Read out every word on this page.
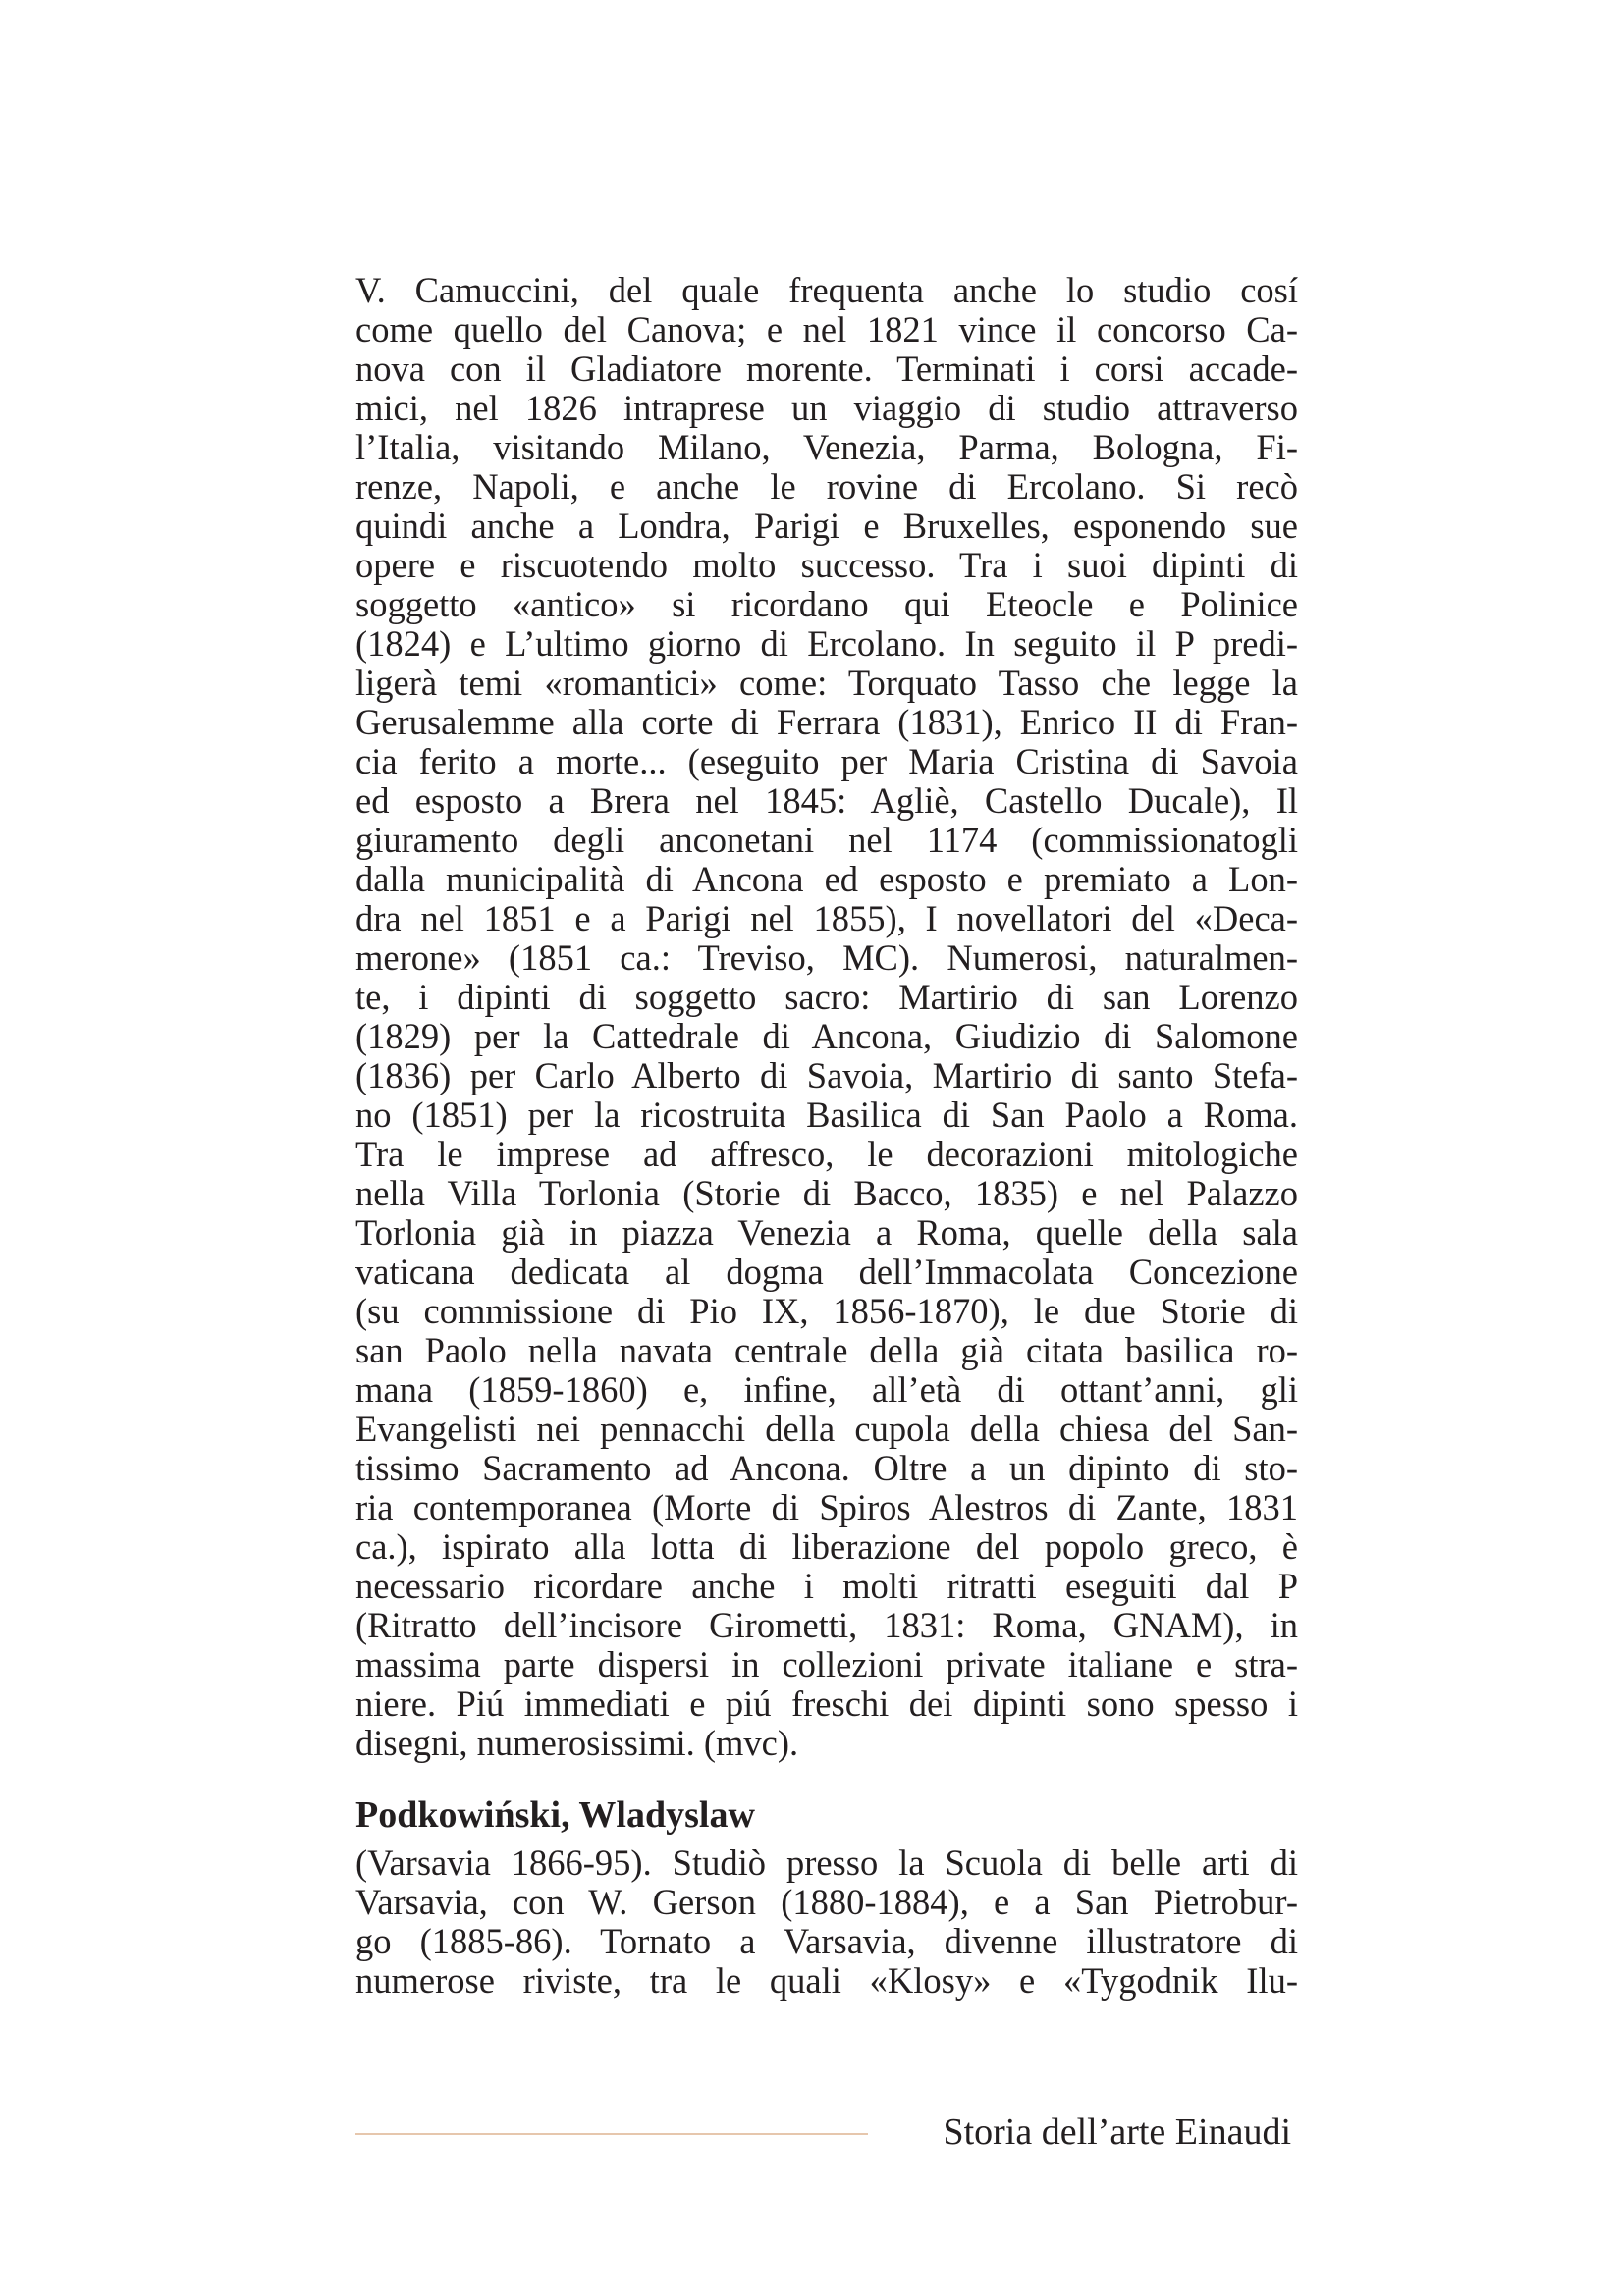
V. Camuccini, del quale frequenta anche lo studio cosí
come quello del Canova; e nel 1821 vince il concorso Ca-
nova con il Gladiatore morente. Terminati i corsi accade-
mici, nel 1826 intraprese un viaggio di studio attraverso
l’Italia, visitando Milano, Venezia, Parma, Bologna, Fi-
renze, Napoli, e anche le rovine di Ercolano. Si recò
quindi anche a Londra, Parigi e Bruxelles, esponendo sue
opere e riscuotendo molto successo. Tra i suoi dipinti di
soggetto «antico» si ricordano qui Eteocle e Polinice
(1824) e L’ultimo giorno di Ercolano. In seguito il P predi-
ligerà temi «romantici» come: Torquato Tasso che legge la
Gerusalemme alla corte di Ferrara (1831), Enrico II di Fran-
cia ferito a morte... (eseguito per Maria Cristina di Savoia
ed esposto a Brera nel 1845: Agliè, Castello Ducale), Il
giuramento degli anconetani nel 1174 (commissionatogli
dalla municipalità di Ancona ed esposto e premiato a Lon-
dra nel 1851 e a Parigi nel 1855), I novellatori del «Deca-
merone» (1851 ca.: Treviso, MC). Numerosi, naturalmen-
te, i dipinti di soggetto sacro: Martirio di san Lorenzo
(1829) per la Cattedrale di Ancona, Giudizio di Salomone
(1836) per Carlo Alberto di Savoia, Martirio di santo Stefa-
no (1851) per la ricostruita Basilica di San Paolo a Roma.
Tra le imprese ad affresco, le decorazioni mitologiche
nella Villa Torlonia (Storie di Bacco, 1835) e nel Palazzo
Torlonia già in piazza Venezia a Roma, quelle della sala
vaticana dedicata al dogma dell’Immacolata Concezione
(su commissione di Pio IX, 1856-1870), le due Storie di
san Paolo nella navata centrale della già citata basilica ro-
mana (1859-1860) e, infine, all’età di ottant’anni, gli
Evangelisti nei pennacchi della cupola della chiesa del San-
tissimo Sacramento ad Ancona. Oltre a un dipinto di sto-
ria contemporanea (Morte di Spiros Alestros di Zante, 1831
ca.), ispirato alla lotta di liberazione del popolo greco, è
necessario ricordare anche i molti ritratti eseguiti dal P
(Ritratto dell’incisore Girometti, 1831: Roma, GNAM), in
massima parte dispersi in collezioni private italiane e stra-
niere. Piú immediati e piú freschi dei dipinti sono spesso i
disegni, numerosissimi. (mvc).
Podkowiński, Wladyslaw
(Varsavia 1866-95). Studiò presso la Scuola di belle arti di
Varsavia, con W. Gerson (1880-1884), e a San Pietrobur-
go (1885-86). Tornato a Varsavia, divenne illustratore di
numerose riviste, tra le quali «Klosy» e «Tygodnik Ilu-
Storia dell’arte Einaudi
